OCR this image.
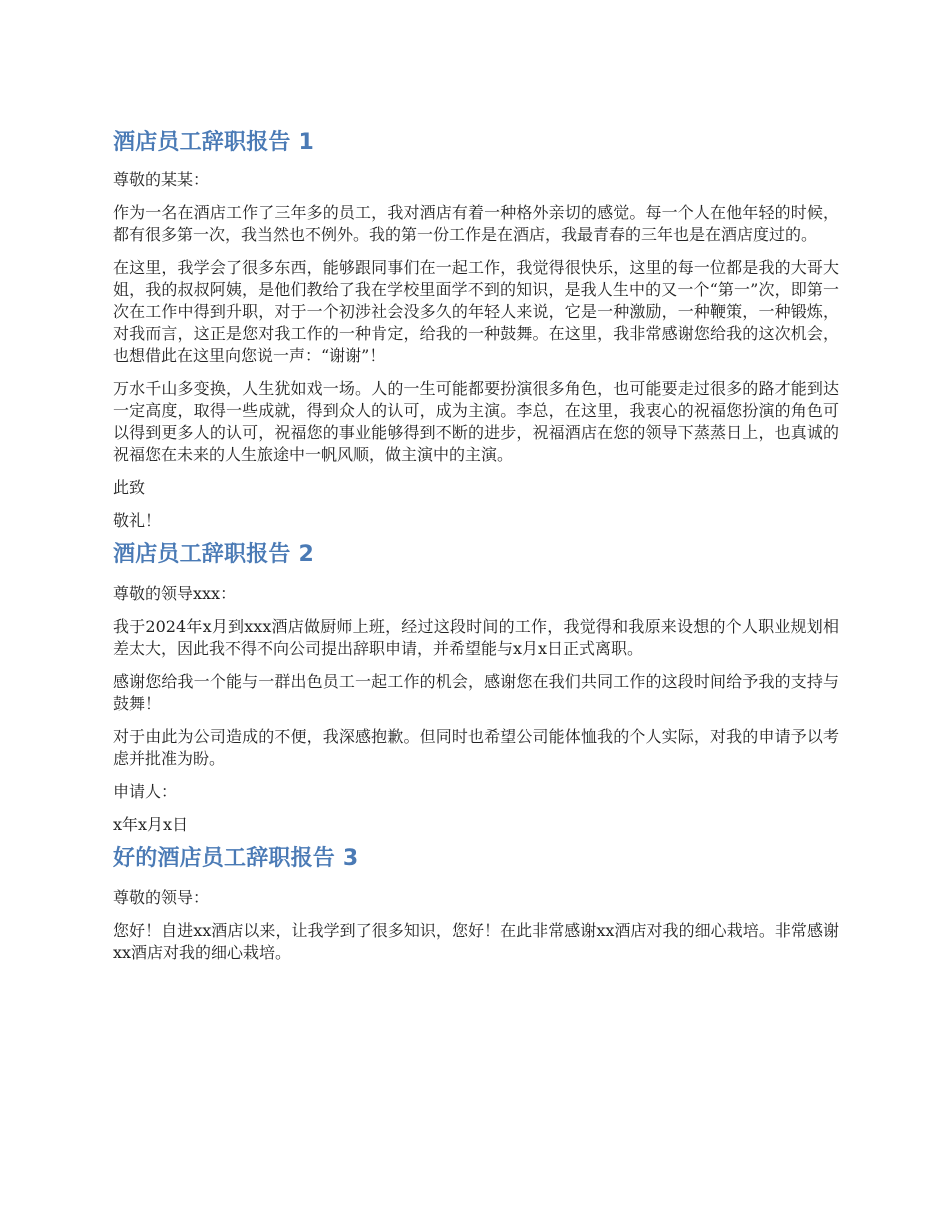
酒店员工辞职报告 1

尊敬的某某：

作为一名在酒店工作了三年多的员工，我对酒店有着一种格外亲切的感觉。每一个人在他年轻的时候，都有很多第一次，我当然也不例外。我的第一份工作是在酒店，我最青春的三年也是在酒店度过的。

在这里，我学会了很多东西，能够跟同事们在一起工作，我觉得很快乐，这里的每一位都是我的大哥大姐，我的叔叔阿姨，是他们教给了我在学校里面学不到的知识，是我人生中的又一个“第一”次，即第一次在工作中得到升职，对于一个初涉社会没多久的年轻人来说，它是一种激励，一种鞭策，一种锻炼，对我而言，这正是您对我工作的一种肯定，给我的一种鼓舞。在这里，我非常感谢您给我的这次机会，也想借此在这里向您说一声：“谢谢”！

万水千山多变换，人生犹如戏一场。人的一生可能都要扮演很多角色，也可能要走过很多的路才能到达一定高度，取得一些成就，得到众人的认可，成为主演。李总，在这里，我衷心的祝福您扮演的角色可以得到更多人的认可，祝福您的事业能够得到不断的进步，祝福酒店在您的领导下蒸蒸日上，也真诚的祝福您在未来的人生旅途中一帆风顺，做主演中的主演。

此致

敬礼！

酒店员工辞职报告 2

尊敬的领导xxx：

我于2024年x月到xxx酒店做厨师上班，经过这段时间的工作，我觉得和我原来设想的个人职业规划相差太大，因此我不得不向公司提出辞职申请，并希望能与x月x日正式离职。

感谢您给我一个能与一群出色员工一起工作的机会，感谢您在我们共同工作的这段时间给予我的支持与鼓舞！

对于由此为公司造成的不便，我深感抱歉。但同时也希望公司能体恤我的个人实际，对我的申请予以考虑并批准为盼。

申请人：

x年x月x日

好的酒店员工辞职报告 3

尊敬的领导：

您好！自进xx酒店以来，让我学到了很多知识，您好！在此非常感谢xx酒店对我的细心栽培。非常感谢xx酒店对我的细心栽培。
